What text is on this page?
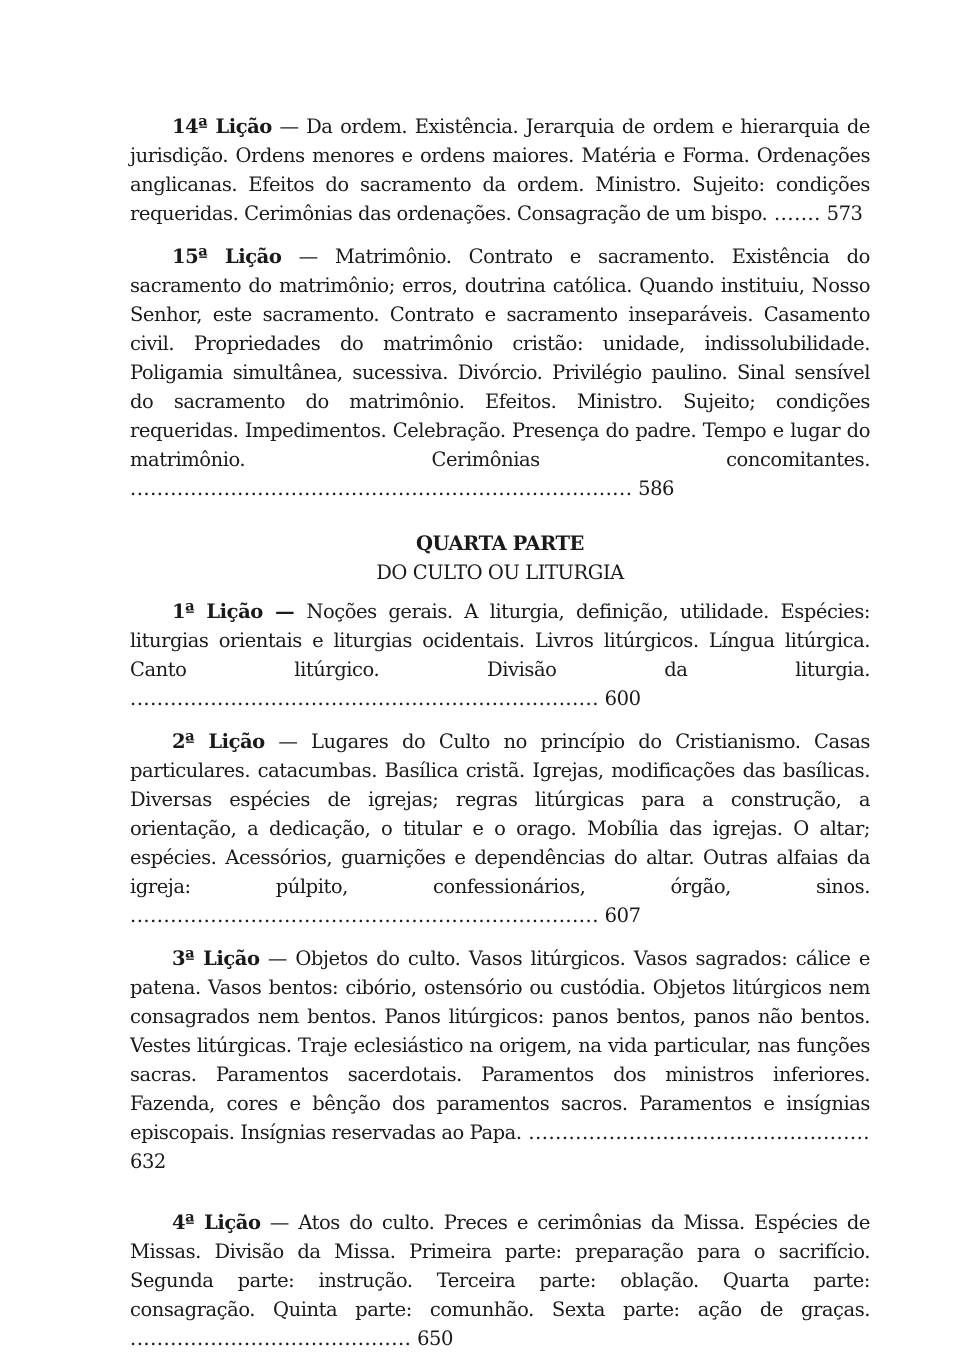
14ª Lição — Da ordem. Existência. Jerarquia de ordem e hierarquia de jurisdição. Ordens menores e ordens maiores. Matéria e Forma. Ordenações anglicanas. Efeitos do sacramento da ordem. Ministro. Sujeito: condições requeridas. Cerimônias das ordenações. Consagração de um bispo. ....... 573

15ª Lição — Matrimônio. Contrato e sacramento. Existência do sacramento do matrimônio; erros, doutrina católica. Quando instituiu, Nosso Senhor, este sacramento. Contrato e sacramento inseparáveis. Casamento civil. Propriedades do matrimônio cristão: unidade, indissolubilidade. Poligamia simultânea, sucessiva. Divórcio. Privilégio paulino. Sinal sensível do sacramento do matrimônio. Efeitos. Ministro. Sujeito; condições requeridas. Impedimentos. Celebração. Presença do padre. Tempo e lugar do matrimônio. Cerimônias concomitantes. ........................................................................... 586

QUARTA PARTE
DO CULTO OU LITURGIA

1ª Lição — Noções gerais. A liturgia, definição, utilidade. Espécies: liturgias orientais e liturgias ocidentais. Livros litúrgicos. Língua litúrgica. Canto litúrgico. Divisão da liturgia. ...................................................................... 600

2ª Lição — Lugares do Culto no princípio do Cristianismo. Casas particulares. catacumbas. Basílica cristã. Igrejas, modificações das basílicas. Diversas espécies de igrejas; regras litúrgicas para a construção, a orientação, a dedicação, o titular e o orago. Mobília das igrejas. O altar; espécies. Acessórios, guarnições e dependências do altar. Outras alfaias da igreja: púlpito, confessionários, órgão, sinos. ...................................................................... 607

3ª Lição — Objetos do culto. Vasos litúrgicos. Vasos sagrados: cálice e patena. Vasos bentos: cibório, ostensório ou custódia. Objetos litúrgicos nem consagrados nem bentos. Panos litúrgicos: panos bentos, panos não bentos. Vestes litúrgicas. Traje eclesiástico na origem, na vida particular, nas funções sacras. Paramentos sacerdotais. Paramentos dos ministros inferiores. Fazenda, cores e bênção dos paramentos sacros. Paramentos e insígnias episcopais. Insígnias reservadas ao Papa. ................................................... 632

4ª Lição — Atos do culto. Preces e cerimônias da Missa. Espécies de Missas. Divisão da Missa. Primeira parte: preparação para o sacrifício. Segunda parte: instrução. Terceira parte: oblação. Quarta parte: consagração. Quinta parte: comunhão. Sexta parte: ação de graças. .......................................... 650
